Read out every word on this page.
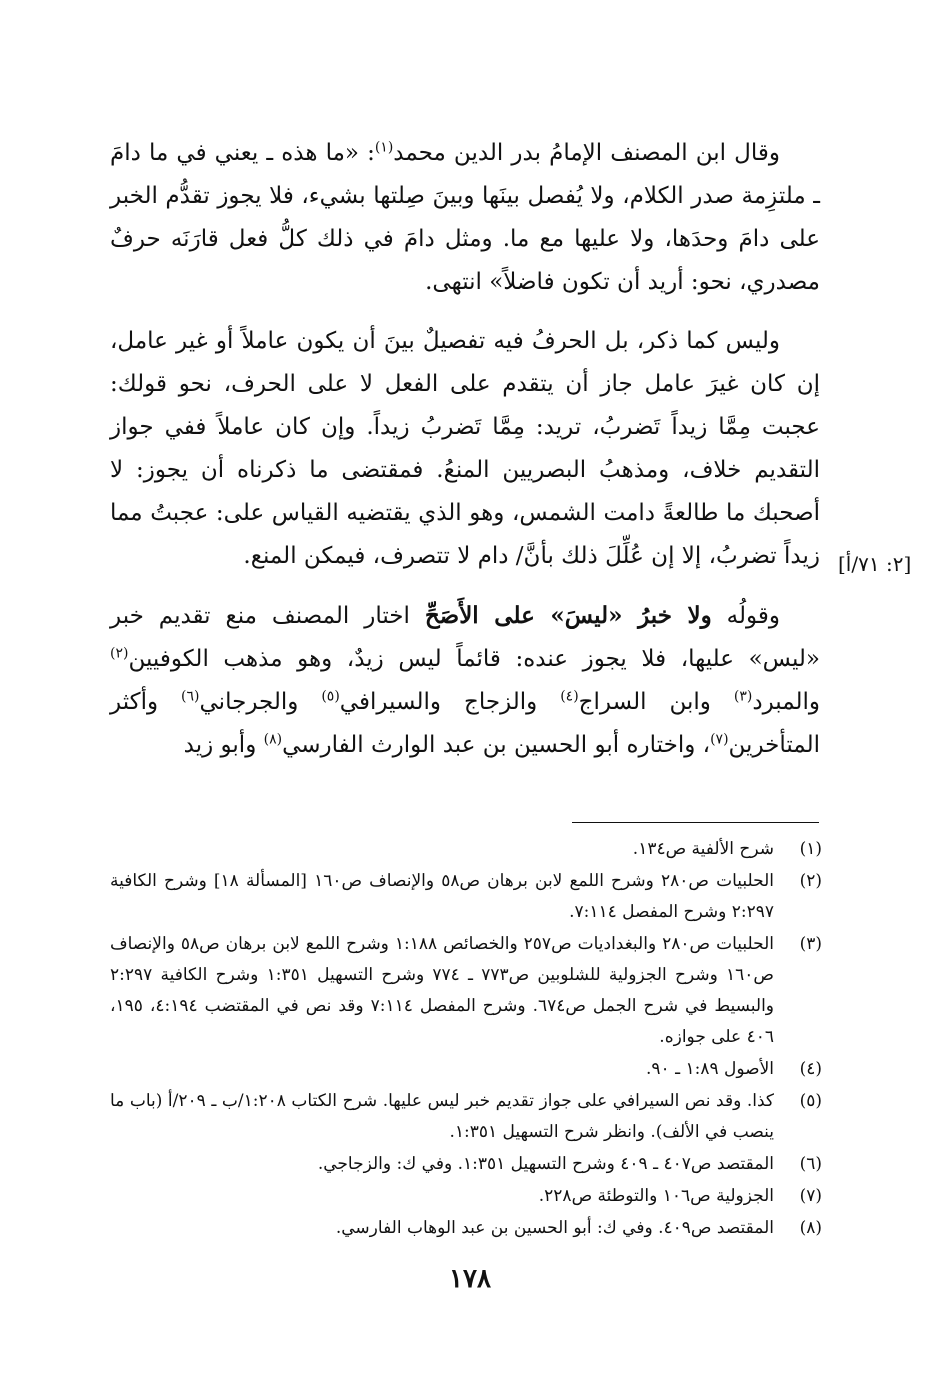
وقال ابن المصنف الإمامُ بدر الدين محمد$^{(١)}$: «ما هذه ـ يعني في ما دامَ ـ ملتزِمة صدر الكلام، ولا يُفصل بينَها وبينَ صِلتها بشيء، فلا يجوز تقدُّم الخبر على دامَ وحدَها، ولا عليها مع ما. ومثل دامَ في ذلك كلُّ فعل قارَنَه حرفٌ مصدري، نحو: أريد أن تكون فاضلاً» انتهى.

وليس كما ذكر، بل الحرفُ فيه تفصيلٌ بينَ أن يكون عاملاً أو غير عامل، إن كان غيرَ عامل جاز أن يتقدم على الفعل لا على الحرف، نحو قولك: عجبت مِمَّا زيداً تَضربُ، تريد: مِمَّا تَضربُ زيداً. وإن كان عاملاً ففي جواز التقديم خلاف، ومذهبُ البصريين المنعُ. فمقتضى ما ذكرناه أن يجوز: لا أصحبك ما طالعةً دامت الشمس، وهو الذي يقتضيه القياس على: عجبتُ مما زيداً تضربُ، إلا إن عُلِّلَ ذلك بأنَّ/ دام لا تتصرف، فيمكن المنع.

وقولُه ولا خبرُ «ليسَ» على الأَصَحِّ اختار المصنف منع تقديم خبر «ليس» عليها، فلا يجوز عنده: قائماً ليس زيدٌ، وهو مذهب الكوفيين$^{(٢)}$ والمبرد$^{(٣)}$ وابن السراج$^{(٤)}$ والزجاج والسيرافي$^{(٥)}$ والجرجاني$^{(٦)}$ وأكثر المتأخرين$^{(٧)}$، واختاره أبو الحسين بن عبد الوارث الفارسي$^{(٨)}$ وأبو زيد

[٢: ٧١/أ]
(١)
شرح الألفية ص١٣٤.
(٢)
الحلبيات ص٢٨٠ وشرح اللمع لابن برهان ص٥٨ والإنصاف ص١٦٠ [المسألة ١٨] وشرح الكافية ٢:٢٩٧ وشرح المفصل ٧:١١٤.
(٣)
الحلبيات ص٢٨٠ والبغداديات ص٢٥٧ والخصائص ١:١٨٨ وشرح اللمع لابن برهان ص٥٨ والإنصاف ص١٦٠ وشرح الجزولية للشلوبين ص٧٧٣ ـ ٧٧٤ وشرح التسهيل ١:٣٥١ وشرح الكافية ٢:٢٩٧ والبسيط في شرح الجمل ص٦٧٤. وشرح المفصل ٧:١١٤ وقد نص في المقتضب ٤:١٩٤، ١٩٥، ٤٠٦ على جوازه.
(٤)
الأصول ١:٨٩ ـ ٩٠.
(٥)
كذا. وقد نص السيرافي على جواز تقديم خبر ليس عليها. شرح الكتاب ١:٢٠٨/ب ـ ٢٠٩/أ (باب ما ينصب في الألف). وانظر شرح التسهيل ١:٣٥١.
(٦)
المقتصد ص٤٠٧ ـ ٤٠٩ وشرح التسهيل ١:٣٥١. وفي ك: والزجاجي.
(٧)
الجزولية ص١٠٦ والتوطئة ص٢٢٨.
(٨)
المقتصد ص٤٠٩. وفي ك: أبو الحسين بن عبد الوهاب الفارسي.
١٧٨
